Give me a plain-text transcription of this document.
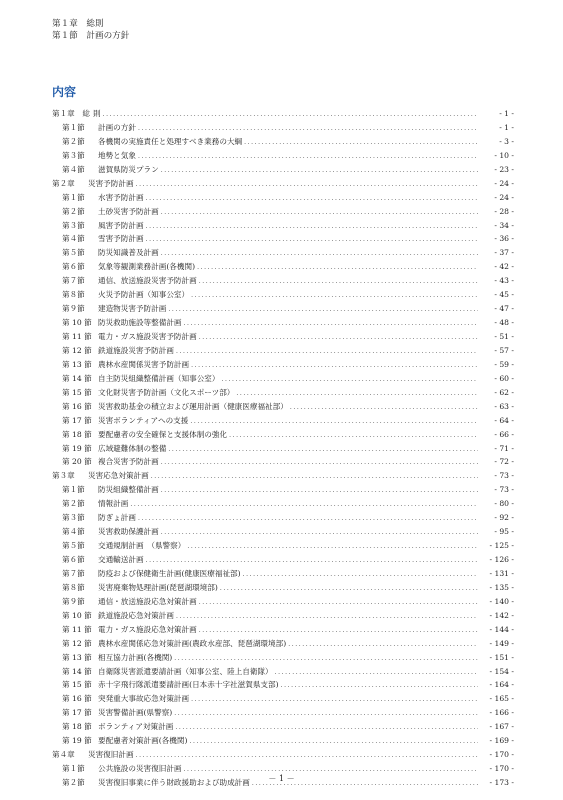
第１章　総則
第１節　計画の方針
内容
第１章　総 則 .....	- 1 -
第１節	計画の方針 .....	- 1 -
第２節	各機関の実施責任と処理すべき業務の大綱 .....	- 3 -
第３節	地勢と気象 .....	- 10 -
第４節	滋賀県防災プラン .....	- 23 -
第２章	災害予防計画 .....	- 24 -
第１節	水害予防計画 .....	- 24 -
第２節	土砂災害予防計画 .....	- 28 -
第３節	風害予防計画 .....	- 34 -
第４節	雪害予防計画 .....	- 36 -
第５節	防災知識普及計画 .....	- 37 -
第６節	気象等観測業務計画(各機関) .....	- 42 -
第７節	通信、放送施設災害予防計画 .....	- 43 -
第８節	火災予防計画（知事公室） .....	- 45 -
第９節	建造物災害予防計画 .....	- 47 -
第 10 節 防災救助施設等整備計画 .....	- 48 -
第 11 節 電力・ガス施設災害予防計画 .....	- 51 -
第 12 節 鉄道施設災害予防計画 .....	- 57 -
第 13 節 農林水産関係災害予防計画 .....	- 59 -
第 14 節 自主防災組織整備計画（知事公室） .....	- 60 -
第 15 節 文化財災害予防計画（文化スポーツ部） .....	- 62 -
第 16 節 災害救助基金の積立および運用計画（健康医療福祉部） .....	- 63 -
第 17 節 災害ボランティアへの支援 .....	- 64 -
第 18 節 要配慮者の安全確保と支援体制の強化 .....	- 66 -
第 19 節 広域避難体制の整備 .....	- 71 -
第 20 節 複合災害予防計画 .....	- 72 -
第３章	災害応急対策計画 .....	- 73 -
第１節	防災組織整備計画 .....	- 73 -
第２節	情報計画 .....	- 80 -
第３節	防ぎょ計画 .....	- 92 -
第４節	災害救助保護計画 .....	- 95 -
第５節	交通規制計画　（県警察） .....	- 125 -
第６節	交通輸送計画 .....	- 126 -
第７節	防疫および保健衛生計画(健康医療福祉部) .....	- 131 -
第８節	災害廃棄物処理計画(琵琶湖環境部) .....	- 135 -
第９節	通信・放送施設応急対策計画 .....	- 140 -
第 10 節 鉄道施設応急対策計画 .....	- 142 -
第 11 節 電力・ガス施設応急対策計画 .....	- 144 -
第 12 節 農林水産関係応急対策計画(農政水産部、琵琶湖環境部) .....	- 149 -
第 13 節 相互協力計画(各機関) .....	- 151 -
第 14 節 自衛隊災害派遣要請計画（知事公室、陸上自衛隊） .....	- 154 -
第 15 節 赤十字飛行隊派遣要請計画(日本赤十字社滋賀県支部) .....	- 164 -
第 16 節 突発重大事故応急対策計画 .....	- 165 -
第 17 節 災害警備計画(県警察) .....	- 166 -
第 18 節 ボランティア対策計画 .....	- 167 -
第 19 節 要配慮者対策計画(各機関) .....	- 169 -
第４章	災害復旧計画 .....	- 170 -
第１節	公共施設の災害復旧計画 .....	- 170 -
第２節	災害復旧事業に伴う財政援助および助成計画 .....	- 173 -
－ 1 －
